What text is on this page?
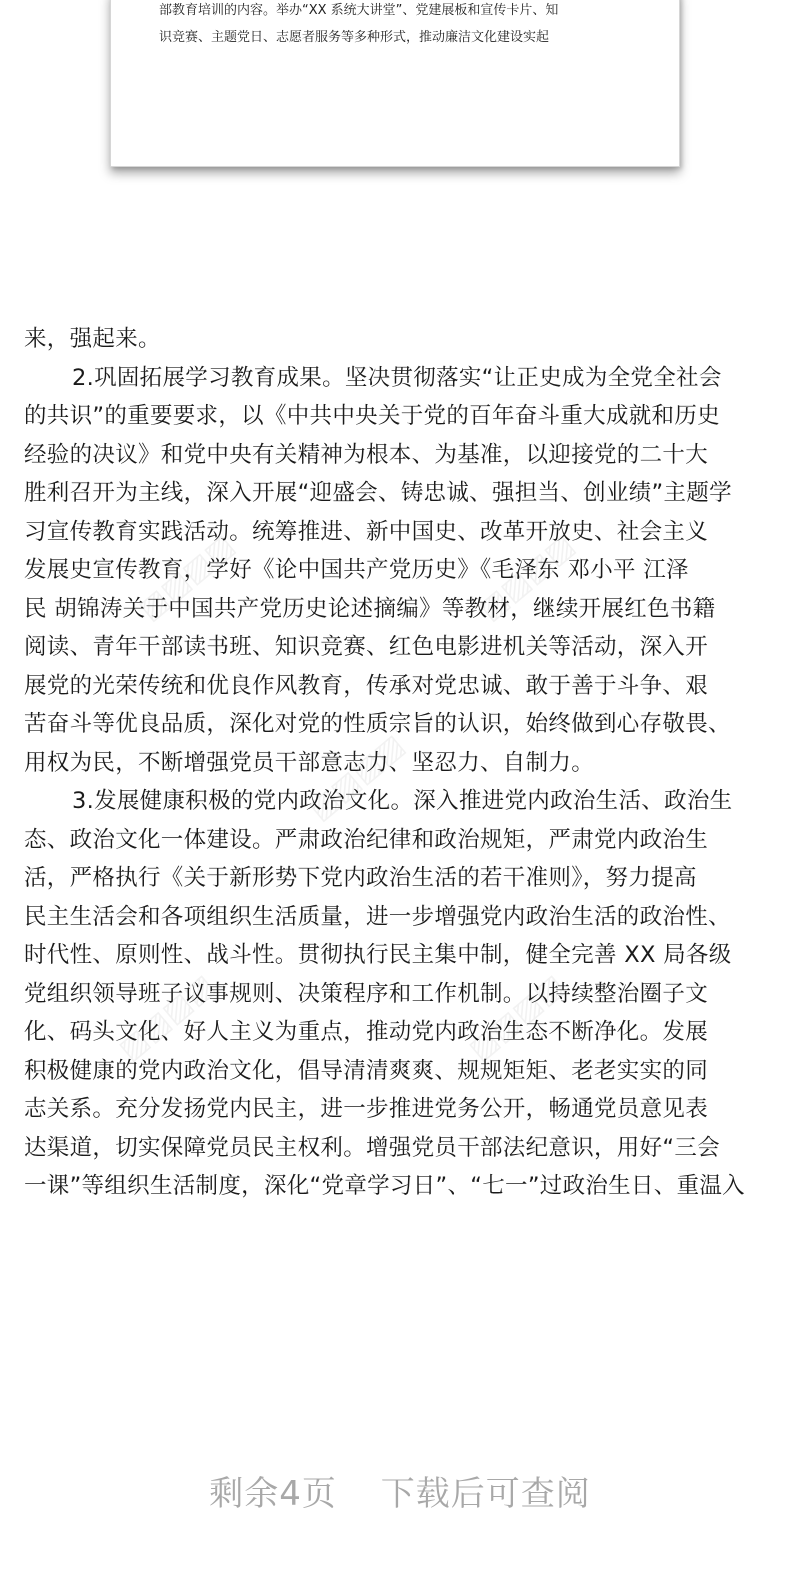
部教育培训的内容。举办“XX 系统大讲堂”、党建展板和宣传卡片、知
识竞赛、主题党日、志愿者服务等多种形式，推动廉洁文化建设实起
▨▨▨▨	▨▨▨▨
▨▨▨▨
▨▨▨▨	▨▨▨▨
来，强起来。
2.巩固拓展学习教育成果。坚决贯彻落实“让正史成为全党全社会
的共识”的重要要求，以《中共中央关于党的百年奋斗重大成就和历史
经验的决议》和党中央有关精神为根本、为基准，以迎接党的二十大
胜利召开为主线，深入开展“迎盛会、铸忠诚、强担当、创业绩”主题学
习宣传教育实践活动。统筹推进、新中国史、改革开放史、社会主义
发展史宣传教育，学好《论中国共产党历史》《毛泽东 邓小平 江泽
民 胡锦涛关于中国共产党历史论述摘编》等教材，继续开展红色书籍
阅读、青年干部读书班、知识竞赛、红色电影进机关等活动，深入开
展党的光荣传统和优良作风教育，传承对党忠诚、敢于善于斗争、艰
苦奋斗等优良品质，深化对党的性质宗旨的认识，始终做到心存敬畏、
用权为民，不断增强党员干部意志力、坚忍力、自制力。
3.发展健康积极的党内政治文化。深入推进党内政治生活、政治生
态、政治文化一体建设。严肃政治纪律和政治规矩，严肃党内政治生
活，严格执行《关于新形势下党内政治生活的若干准则》，努力提高
民主生活会和各项组织生活质量，进一步增强党内政治生活的政治性、
时代性、原则性、战斗性。贯彻执行民主集中制，健全完善 XX 局各级
党组织领导班子议事规则、决策程序和工作机制。以持续整治圈子文
化、码头文化、好人主义为重点，推动党内政治生态不断净化。发展
积极健康的党内政治文化，倡导清清爽爽、规规矩矩、老老实实的同
志关系。充分发扬党内民主，进一步推进党务公开，畅通党员意见表
达渠道，切实保障党员民主权利。增强党员干部法纪意识，用好“三会
一课”等组织生活制度，深化“党章学习日”、“七一”过政治生日、重温入
剩余4页 下载后可查阅
